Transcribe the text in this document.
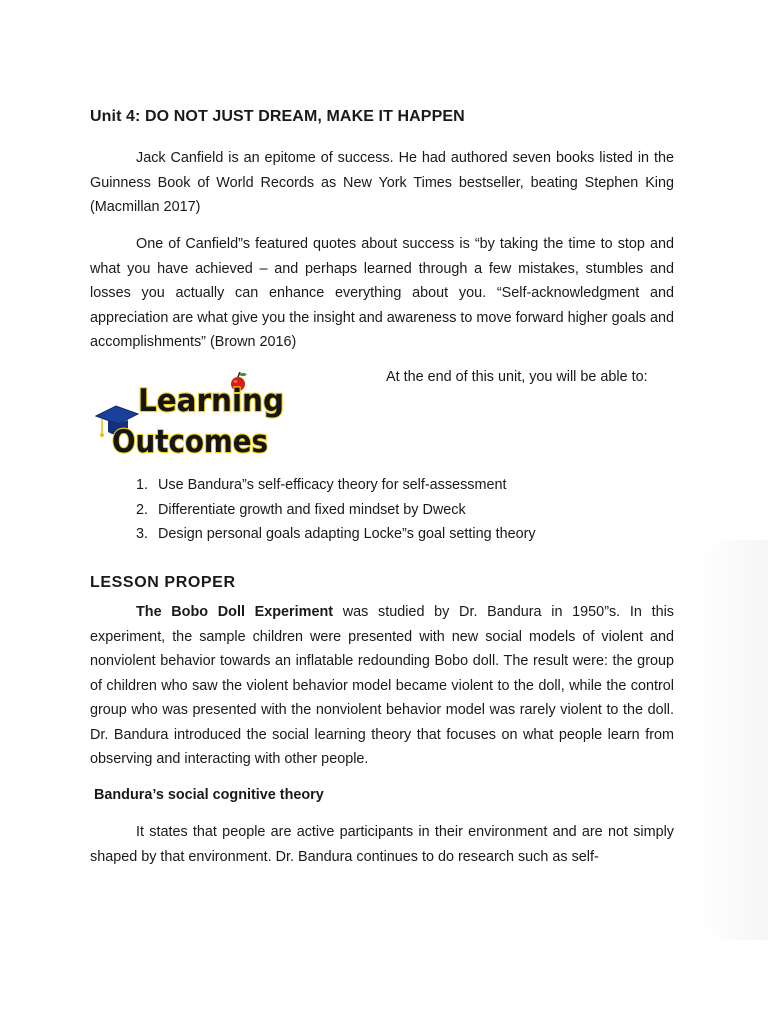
Unit 4: DO NOT JUST DREAM, MAKE IT HAPPEN

Jack Canfield is an epitome of success. He had authored seven books listed in the Guinness Book of World Records as New York Times bestseller, beating Stephen King (Macmillan 2017)

One of Canfield”s featured quotes about success is “by taking the time to stop and what you have achieved – and perhaps learned through a few mistakes, stumbles and losses you actually can enhance everything about you. “Self-acknowledgment and appreciation are what give you the insight and awareness to move forward higher goals and accomplishments” (Brown 2016)

At the end of this unit, you will be able to:
1. Use Bandura”s self-efficacy theory for self-assessment
2. Differentiate growth and fixed mindset by Dweck
3. Design personal goals adapting Locke”s goal setting theory
LESSON PROPER

The Bobo Doll Experiment was studied by Dr. Bandura in 1950”s. In this experiment, the sample children were presented with new social models of violent and nonviolent behavior towards an inflatable redounding Bobo doll. The result were: the group of children who saw the violent behavior model became violent to the doll, while the control group who was presented with the nonviolent behavior model was rarely violent to the doll. Dr. Bandura introduced the social learning theory that focuses on what people learn from observing and interacting with other people.

Bandura’s social cognitive theory

It states that people are active participants in their environment and are not simply shaped by that environment. Dr. Bandura continues to do research such as self-

Learning
Outcomes
